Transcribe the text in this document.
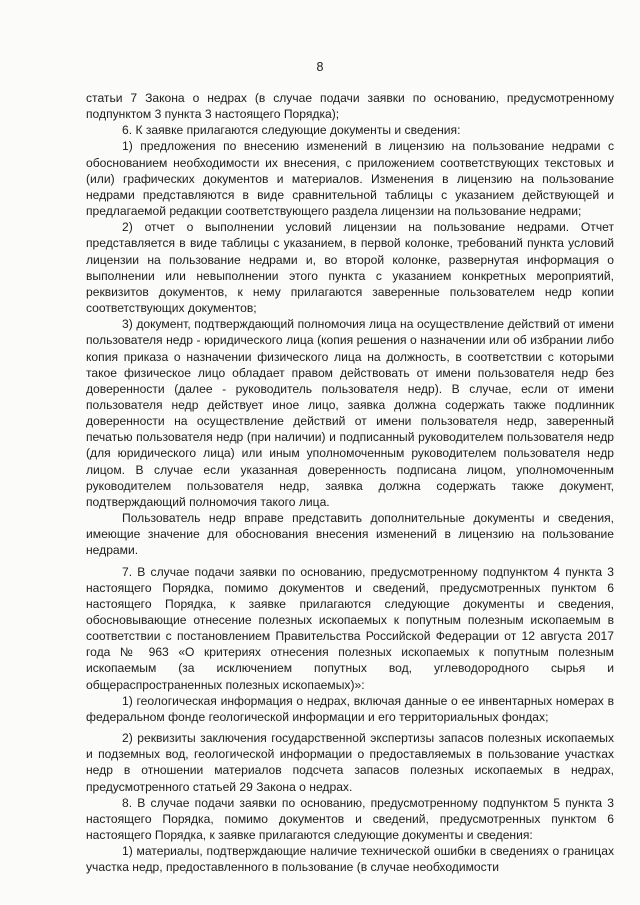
8

статьи 7 Закона о недрах (в случае подачи заявки по основанию, предусмотренному подпунктом 3 пункта 3 настоящего Порядка);

6. К заявке прилагаются следующие документы и сведения:

1) предложения по внесению изменений в лицензию на пользование недрами с обоснованием необходимости их внесения, с приложением соответствующих текстовых и (или) графических документов и материалов. Изменения в лицензию на пользование недрами представляются в виде сравнительной таблицы с указанием действующей и предлагаемой редакции соответствующего раздела лицензии на пользование недрами;

2) отчет о выполнении условий лицензии на пользование недрами. Отчет представляется в виде таблицы с указанием, в первой колонке, требований пункта условий лицензии на пользование недрами и, во второй колонке, развернутая информация о выполнении или невыполнении этого пункта с указанием конкретных мероприятий, реквизитов документов, к нему прилагаются заверенные пользователем недр копии соответствующих документов;

3) документ, подтверждающий полномочия лица на осуществление действий от имени пользователя недр - юридического лица (копия решения о назначении или об избрании либо копия приказа о назначении физического лица на должность, в соответствии с которыми такое физическое лицо обладает правом действовать от имени пользователя недр без доверенности (далее - руководитель пользователя недр). В случае, если от имени пользователя недр действует иное лицо, заявка должна содержать также подлинник доверенности на осуществление действий от имени пользователя недр, заверенный печатью пользователя недр (при наличии) и подписанный руководителем пользователя недр (для юридического лица) или иным уполномоченным руководителем пользователя недр лицом. В случае если указанная доверенность подписана лицом, уполномоченным руководителем пользователя недр, заявка должна содержать также документ, подтверждающий полномочия такого лица.

Пользователь недр вправе представить дополнительные документы и сведения, имеющие значение для обоснования внесения изменений в лицензию на пользование недрами.

7. В случае подачи заявки по основанию, предусмотренному подпунктом 4 пункта 3 настоящего Порядка, помимо документов и сведений, предусмотренных пунктом 6 настоящего Порядка, к заявке прилагаются следующие документы и сведения, обосновывающие отнесение полезных ископаемых к попутным полезным ископаемым в соответствии с постановлением Правительства Российской Федерации от 12 августа 2017 года № 963 «О критериях отнесения полезных ископаемых к попутным полезным ископаемым (за исключением попутных вод, углеводородного сырья и общераспространенных полезных ископаемых)»:

1) геологическая информация о недрах, включая данные о ее инвентарных номерах в федеральном фонде геологической информации и его территориальных фондах;

2) реквизиты заключения государственной экспертизы запасов полезных ископаемых и подземных вод, геологической информации о предоставляемых в пользование участках недр в отношении материалов подсчета запасов полезных ископаемых в недрах, предусмотренного статьей 29 Закона о недрах.

8. В случае подачи заявки по основанию, предусмотренному подпунктом 5 пункта 3 настоящего Порядка, помимо документов и сведений, предусмотренных пунктом 6 настоящего Порядка, к заявке прилагаются следующие документы и сведения:

1) материалы, подтверждающие наличие технической ошибки в сведениях о границах участка недр, предоставленного в пользование (в случае необходимости
